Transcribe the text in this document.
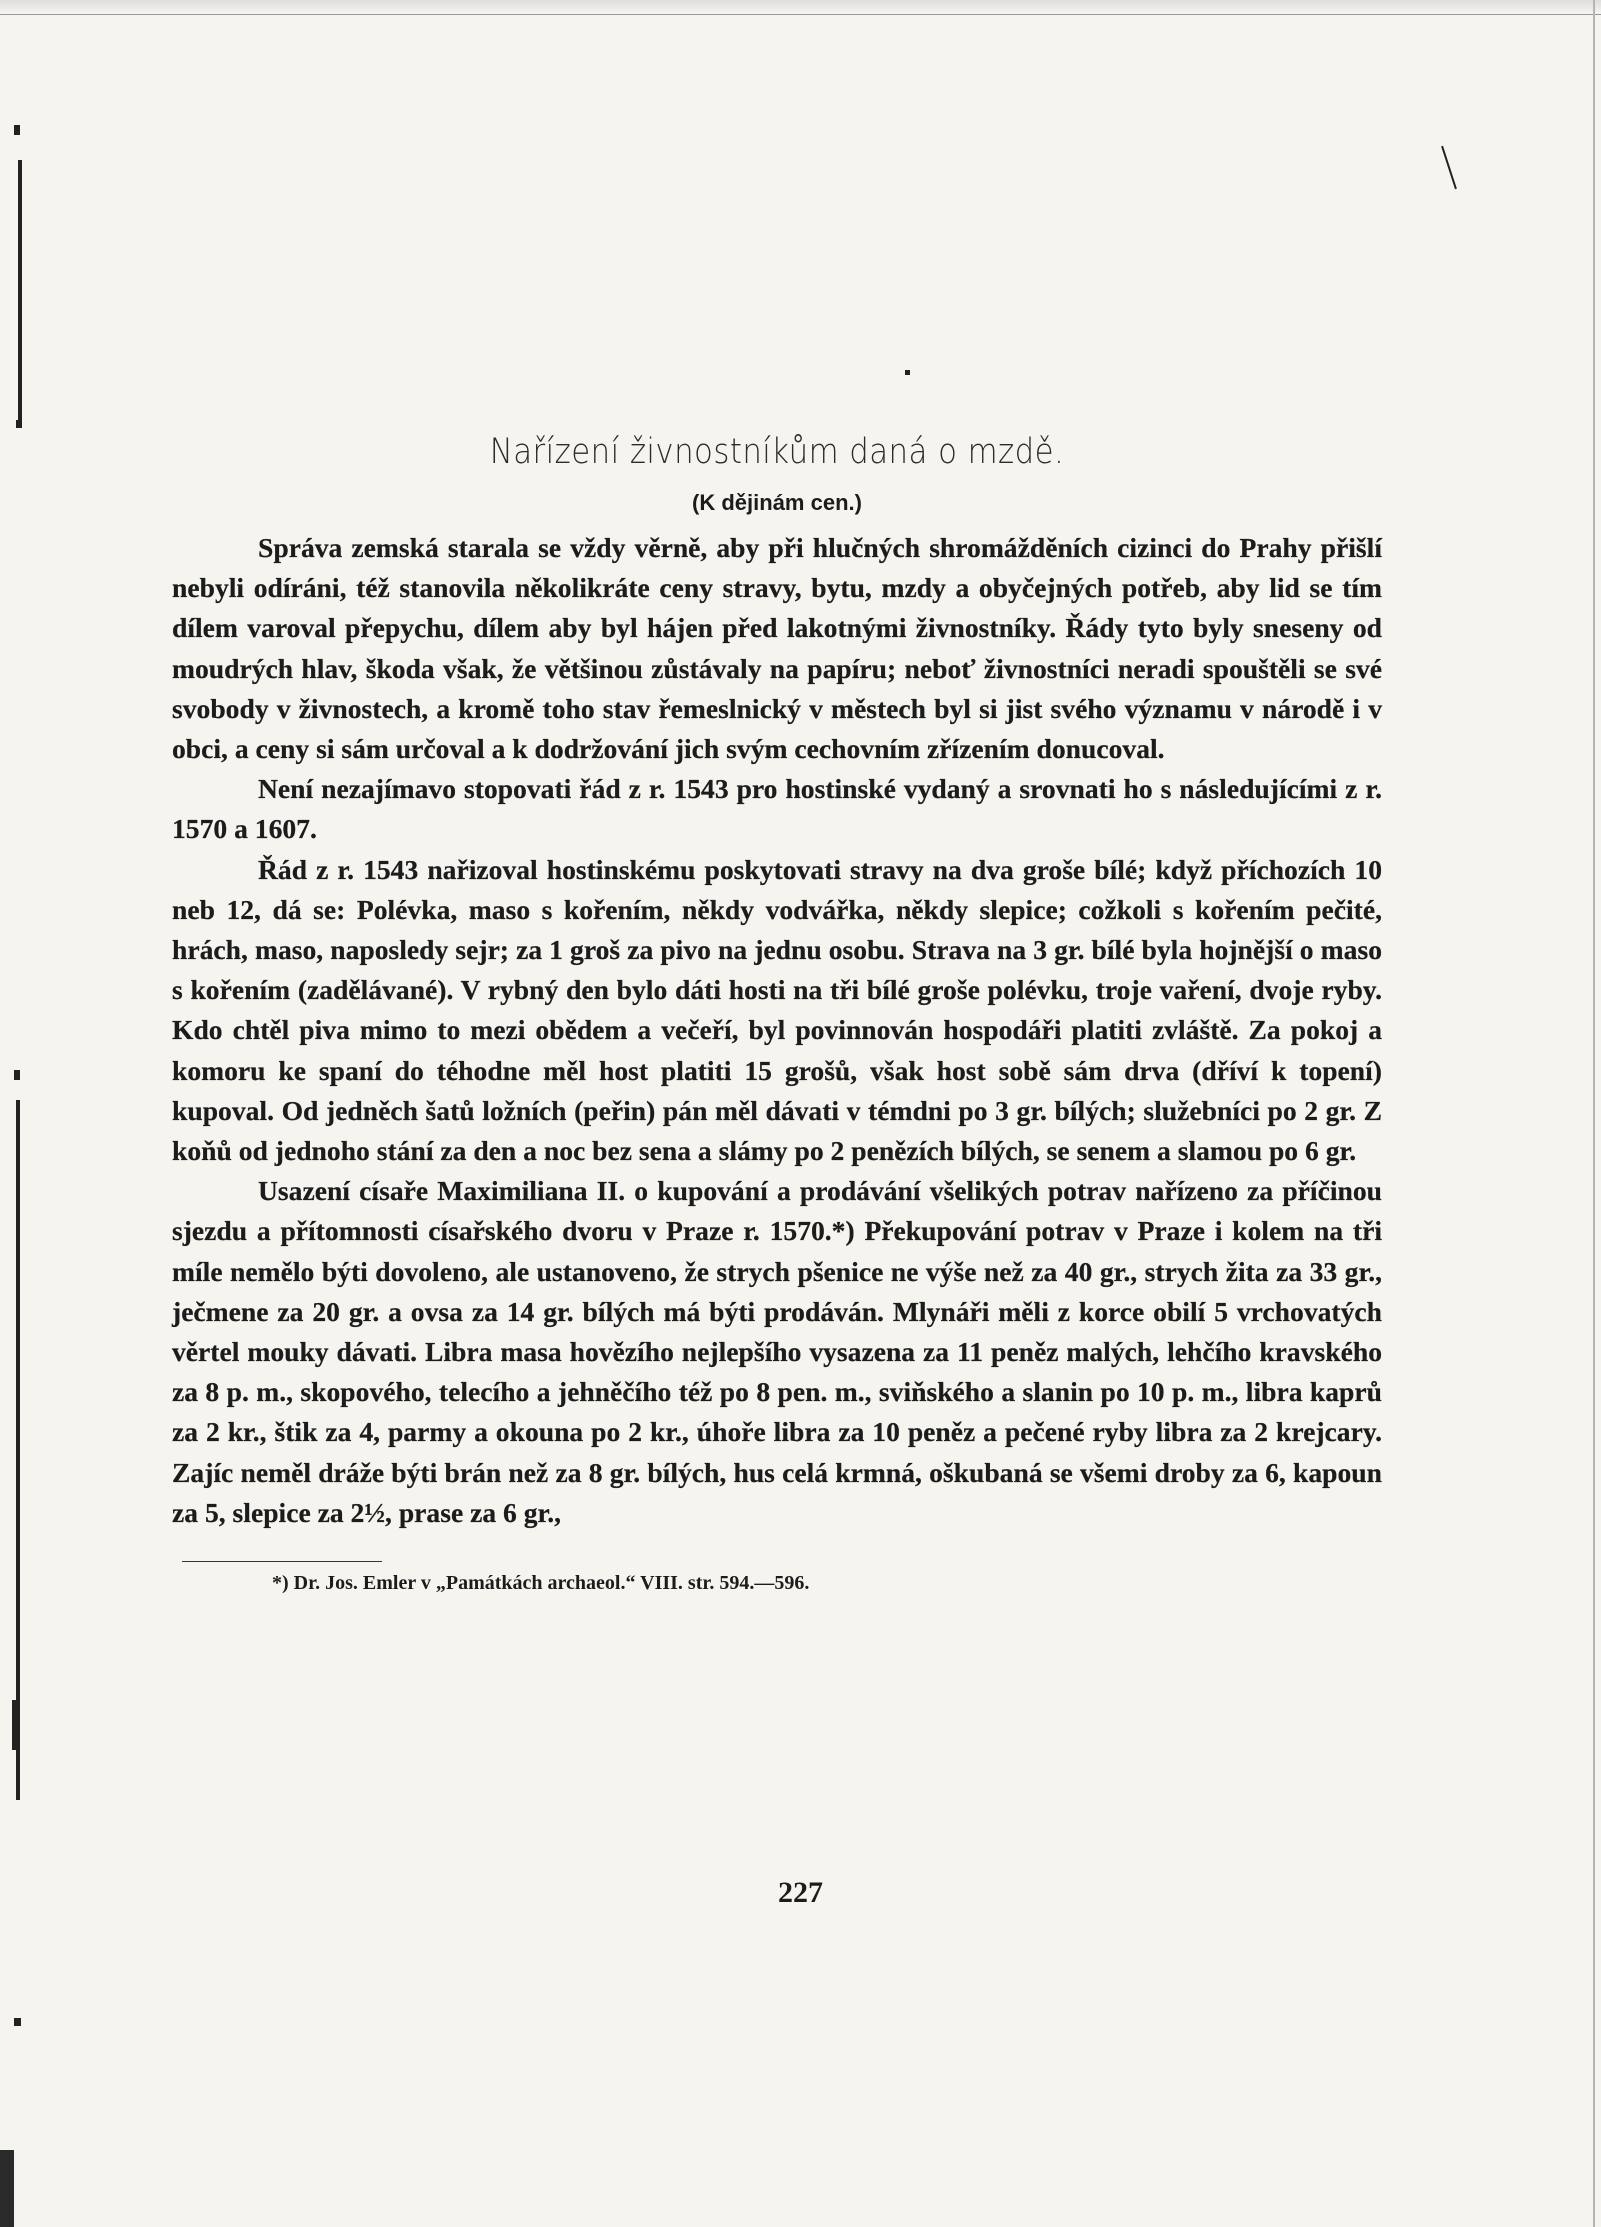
Nařízení živnostníkům daná o mzdě.
(K dějinám cen.)

Správa zemská starala se vždy věrně, aby při hlučných shromážděních cizinci do Prahy přišlí nebyli odíráni, též stanovila několikráte ceny stravy, bytu, mzdy a obyčejných potřeb, aby lid se tím dílem varoval přepychu, dílem aby byl hájen před lakotnými živnostníky. Řády tyto byly sneseny od moudrých hlav, škoda však, že většinou zůstávaly na papíru; neboť živnostníci neradi spouštěli se své svobody v živnostech, a kromě toho stav řemeslnický v městech byl si jist svého významu v národě i v obci, a ceny si sám určoval a k dodržování jich svým cechovním zřízením donucoval.

Není nezajímavo stopovati řád z r. 1543 pro hostinské vydaný a srovnati ho s následujícími z r. 1570 a 1607.

Řád z r. 1543 nařizoval hostinskému poskytovati stravy na dva groše bílé; když příchozích 10 neb 12, dá se: Polévka, maso s kořením, někdy vodvářka, někdy slepice; cožkoli s kořením pečité, hrách, maso, naposledy sejr; za 1 groš za pivo na jednu osobu. Strava na 3 gr. bílé byla hojnější o maso s kořením (zadělávané). V rybný den bylo dáti hosti na tři bílé groše polévku, troje vaření, dvoje ryby. Kdo chtěl piva mimo to mezi obědem a večeří, byl povinnován hospodáři platiti zvláště. Za pokoj a komoru ke spaní do téhodne měl host platiti 15 grošů, však host sobě sám drva (dříví k topení) kupoval. Od jedněch šatů ložních (peřin) pán měl dávati v témdni po 3 gr. bílých; služebníci po 2 gr. Z koňů od jednoho stání za den a noc bez sena a slámy po 2 penězích bílých, se senem a slamou po 6 gr.

Usazení císaře Maximiliana II. o kupování a prodávání všelikých potrav nařízeno za příčinou sjezdu a přítomnosti císařského dvoru v Praze r. 1570.*) Překupování potrav v Praze i kolem na tři míle nemělo býti dovoleno, ale ustanoveno, že strych pšenice ne výše než za 40 gr., strych žita za 33 gr., ječmene za 20 gr. a ovsa za 14 gr. bílých má býti prodáván. Mlynáři měli z korce obilí 5 vrchovatých věrtel mouky dávati. Libra masa hovězího nejlepšího vysazena za 11 peněz malých, lehčího kravského za 8 p. m., skopového, telecího a jehněčího též po 8 pen. m., sviňského a slanin po 10 p. m., libra kaprů za 2 kr., štik za 4, parmy a okouna po 2 kr., úhoře libra za 10 peněz a pečené ryby libra za 2 krejcary. Zajíc neměl dráže býti brán než za 8 gr. bílých, hus celá krmná, oškubaná se všemi droby za 6, kapoun za 5, slepice za 2½, prase za 6 gr.,

*) Dr. Jos. Emler v „Památkách archaeol.“ VIII. str. 594.—596.
227
